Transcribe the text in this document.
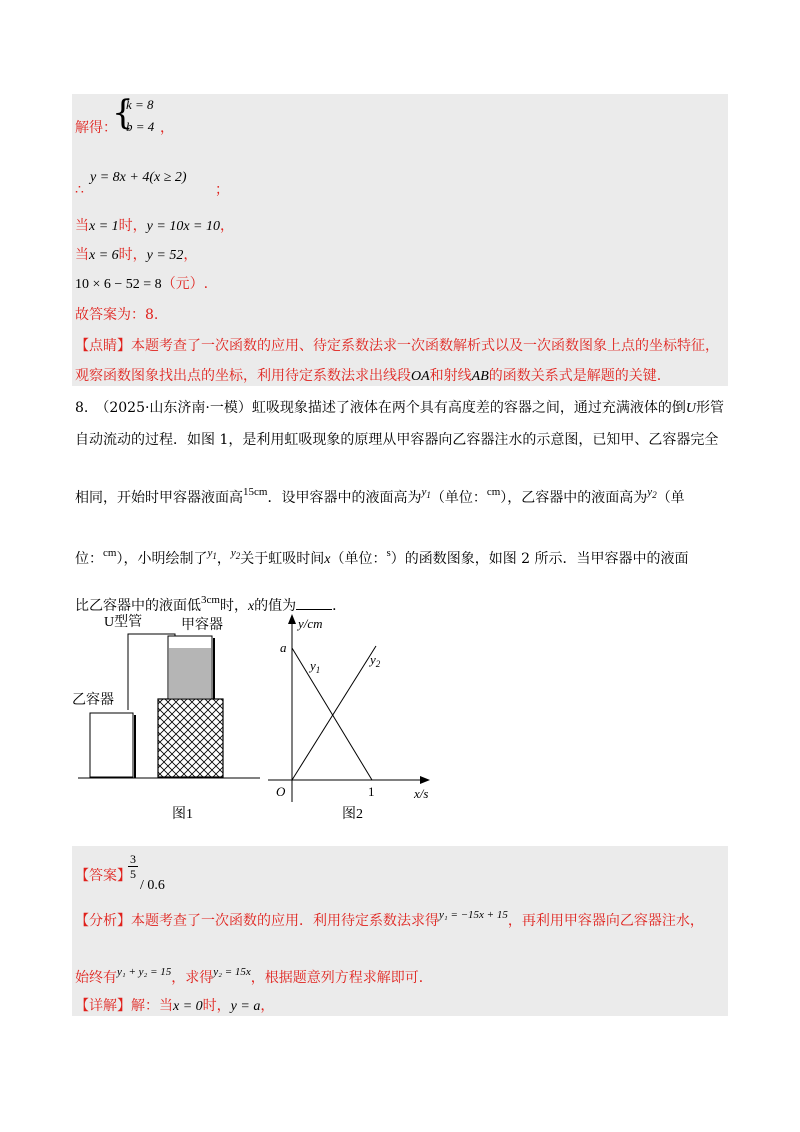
解得：
{
k = 8
b = 4 ，
∴
y = 8x + 4(x ≥ 2)
；
当x = 1时，y = 10x = 10，
当x = 6时，y = 52，
10 × 6 − 52 = 8（元）.
故答案为：8.
【点睛】本题考查了一次函数的应用、待定系数法求一次函数解析式以及一次函数图象上点的坐标特征，
观察函数图象找出点的坐标，利用待定系数法求出线段OA和射线AB的函数关系式是解题的关键.
8.　（2025·山东济南·一模）虹吸现象描述了液体在两个具有高度差的容器之间，通过充满液体的倒U形管
自动流动的过程．如图 1，是利用虹吸现象的原理从甲容器向乙容器注水的示意图，已知甲、乙容器完全
相同，开始时甲容器液面高$^{15cm}$．设甲容器中的液面高为$^{y_1}$（单位：$^{cm}$），乙容器中的液面高为$^{y_2}$（单
位：$^{cm}$），小明绘制了$^{y_1}$，$^{y_2}$关于虹吸时间x（单位：$^s$）的函数图象，如图 2 所示．当甲容器中的液面
比乙容器中的液面低$^{3cm}$时，x的值为	．
U型管	甲容器
乙容器
图1
y/cm
x/s
O
a
1
$y_1$
$y_2$
图2
【答案】
3
5
/ 0.6
【分析】本题考查了一次函数的应用．利用待定系数法求得$^{y_1 = -15x + 15}$，再利用甲容器向乙容器注水，
始终有$^{y_1 + y_2 = 15}$，求得$^{y_2 = 15x}$，根据题意列方程求解即可．
【详解】解：当x = 0时，y = a，
